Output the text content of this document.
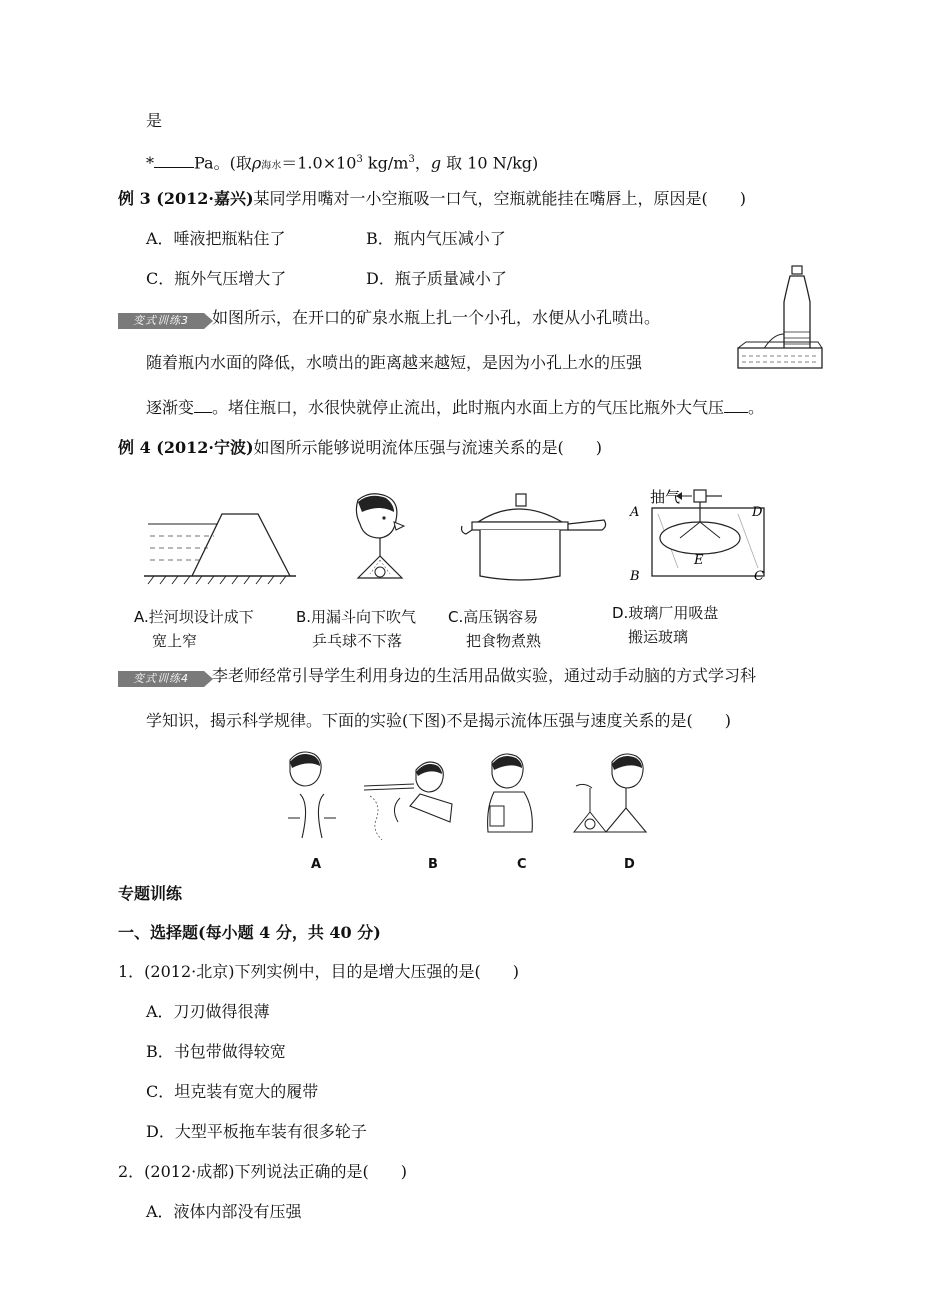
是
*	Pa。(取ρ海水$=1.0\times 10^3$ $kg/m^3$，g 取 10 N/kg)
例 3 (2012·嘉兴)某同学用嘴对一小空瓶吸一口气，空瓶就能挂在嘴唇上，原因是(　　)
A．唾液把瓶粘住了	B．瓶内气压减小了
C．瓶外气压增大了	D．瓶子质量减小了
变式训练3 如图所示，在开口的矿泉水瓶上扎一个小孔，水便从小孔喷出。
随着瓶内水面的降低，水喷出的距离越来越短，是因为小孔上水的压强
逐渐变 。堵住瓶口，水很快就停止流出，此时瓶内水面上方的气压比瓶外大气压 。
例 4 (2012·宁波)如图所示能够说明流体压强与流速关系的是(　　)
抽气
A	D
B	C
E
A.拦河坝设计成下
宽上窄
B.用漏斗向下吹气
乒乓球不下落
C.高压锅容易
把食物煮熟
D.玻璃厂用吸盘
搬运玻璃
变式训练4 李老师经常引导学生利用身边的生活用品做实验，通过动手动脑的方式学习科
学知识，揭示科学规律。下面的实验(下图)不是揭示流体压强与速度关系的是(　　)
A	B	C	D
专题训练
一、选择题(每小题 4 分，共 40 分)
1．(2012·北京)下列实例中，目的是增大压强的是(　　)
A．刀刃做得很薄
B．书包带做得较宽
C．坦克装有宽大的履带
D．大型平板拖车装有很多轮子
2．(2012·成都)下列说法正确的是(　　)
A．液体内部没有压强
